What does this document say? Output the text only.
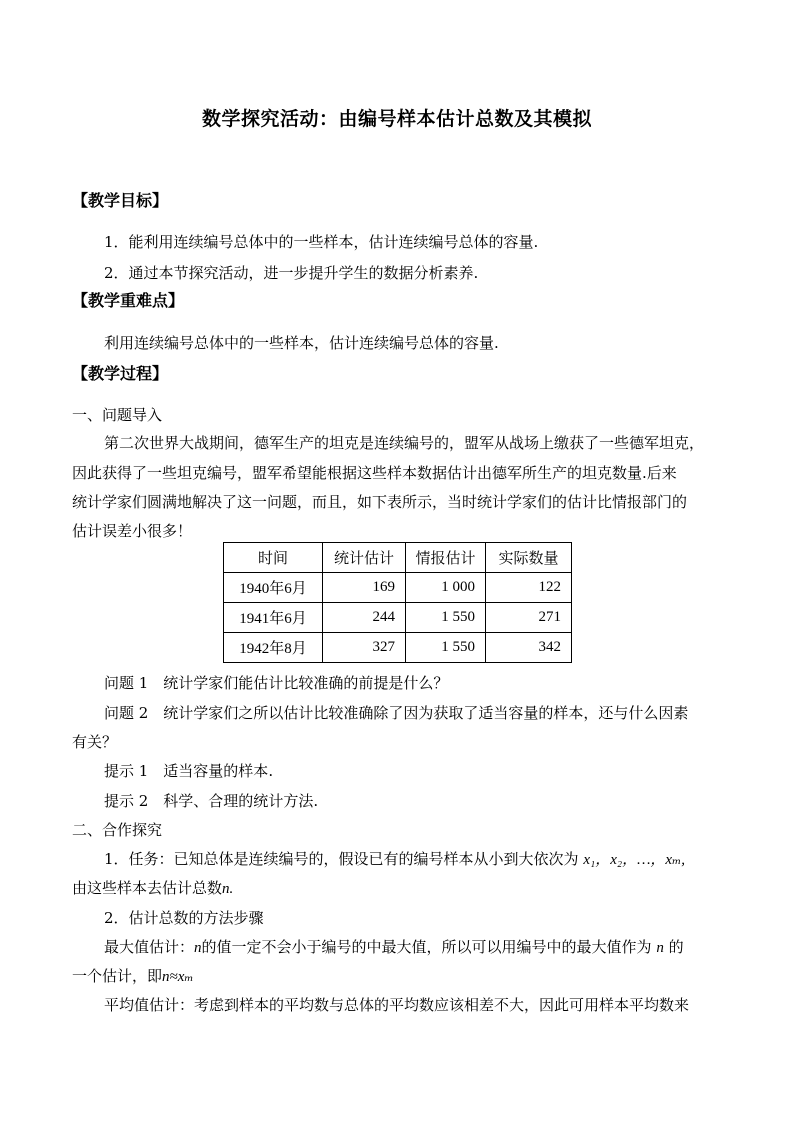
数学探究活动：由编号样本估计总数及其模拟
【教学目标】
1．能利用连续编号总体中的一些样本，估计连续编号总体的容量.
2．通过本节探究活动，进一步提升学生的数据分析素养.
【教学重难点】
利用连续编号总体中的一些样本，估计连续编号总体的容量.
【教学过程】
一、问题导入
第二次世界大战期间，德军生产的坦克是连续编号的，盟军从战场上缴获了一些德军坦克，
因此获得了一些坦克编号，盟军希望能根据这些样本数据估计出德军所生产的坦克数量.后来
统计学家们圆满地解决了这一问题，而且，如下表所示，当时统计学家们的估计比情报部门的
估计误差小很多！
时间	统计估计	情报估计	实际数量
1940年6月	169	1 000	122
1941年6月	244	1 550	271
1942年8月	327	1 550	342
问题 1　统计学家们能估计比较准确的前提是什么？
问题 2　统计学家们之所以估计比较准确除了因为获取了适当容量的样本，还与什么因素
有关？
提示 1　适当容量的样本.
提示 2　科学、合理的统计方法.
二、合作探究
1．任务：已知总体是连续编号的，假设已有的编号样本从小到大依次为 x₁，x₂，…，xₘ,
由这些样本去估计总数n.
2．估计总数的方法步骤
最大值估计：n的值一定不会小于编号的中最大值，所以可以用编号中的最大值作为 n 的
一个估计，即n≈xₘ
平均值估计：考虑到样本的平均数与总体的平均数应该相差不大，因此可用样本平均数来
